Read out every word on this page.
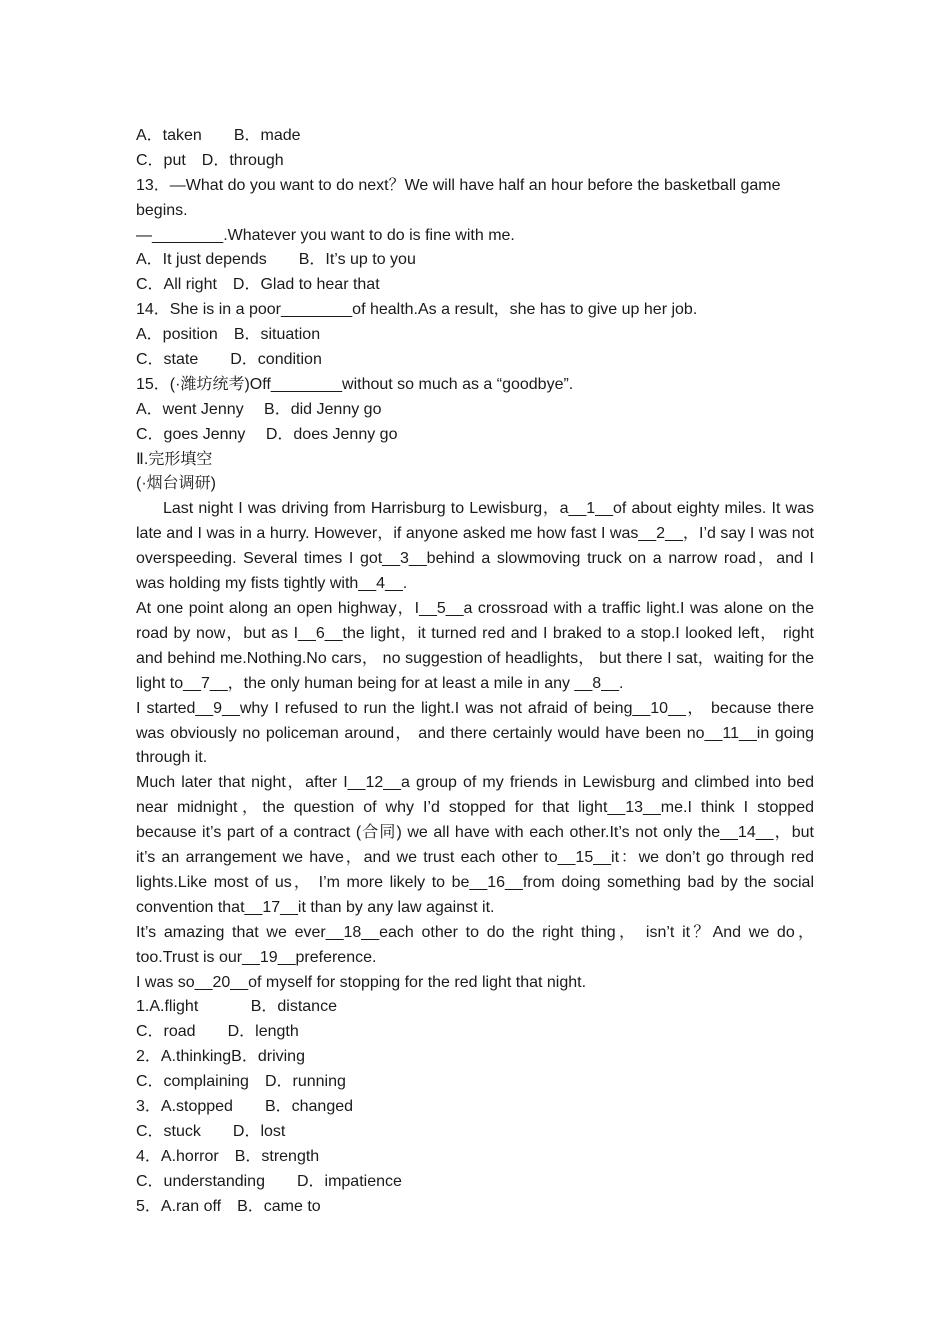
A．taken　　B．made
C．put　D．through
13．—What do you want to do next？We will have half an hour before the basketball game
begins.
—________.Whatever you want to do is fine with me.
A．It just depends　　B．It’s up to you
C．All right　D．Glad to hear that
14．She is in a poor________of health.As a result，she has to give up her job.
A．position　B．situation
C．state　　D．condition
15．(·潍坊统考)Off________without so much as a “goodbye”.
A．went Jenny　 B．did Jenny go
C．goes Jenny　 D．does Jenny go
Ⅱ.完形填空
(·烟台调研)
Last night I was driving from Harrisburg to Lewisburg，a__1__of about eighty miles. It was late and I was in a hurry. However，if anyone asked me how fast I was__2__，I’d say I was not overspeeding. Several times I got__3__behind a slowmoving truck on a narrow road，and I was holding my fists tightly with__4__.
At one point along an open highway，I__5__a crossroad with a traffic light.I was alone on the road by now，but as I__6__the light，it turned red and I braked to a stop.I looked left， right and behind me.Nothing.No cars， no suggestion of headlights， but there I sat，waiting for the light to__7__，the only human being for at least a mile in any __8__.
I started__9__why I refused to run the light.I was not afraid of being__10__， because there was obviously no policeman around， and there certainly would have been no__11__in going through it.
Much later that night，after I__12__a group of my friends in Lewisburg and climbed into bed near midnight，the question of why I’d stopped for that light__13__me.I think I stopped because it’s part of a contract (合同) we all have with each other.It’s not only the__14__，but it’s an arrangement we have，and we trust each other to__15__it：we don’t go through red lights.Like most of us， I’m more likely to be__16__from doing something bad by the social convention that__17__it than by any law against it.
It’s amazing that we ever__18__each other to do the right thing， isn’t it？And we do，too.Trust is our__19__preference.
I was so__20__of myself for stopping for the red light that night.
1.A.flight　　　 B．distance
C．road　　D．length
2．A.thinkingB．driving
C．complaining　D．running
3．A.stopped　　B．changed
C．stuck　　D．lost
4．A.horror　B．strength
C．understanding　　D．impatience
5．A.ran off　B．came to
